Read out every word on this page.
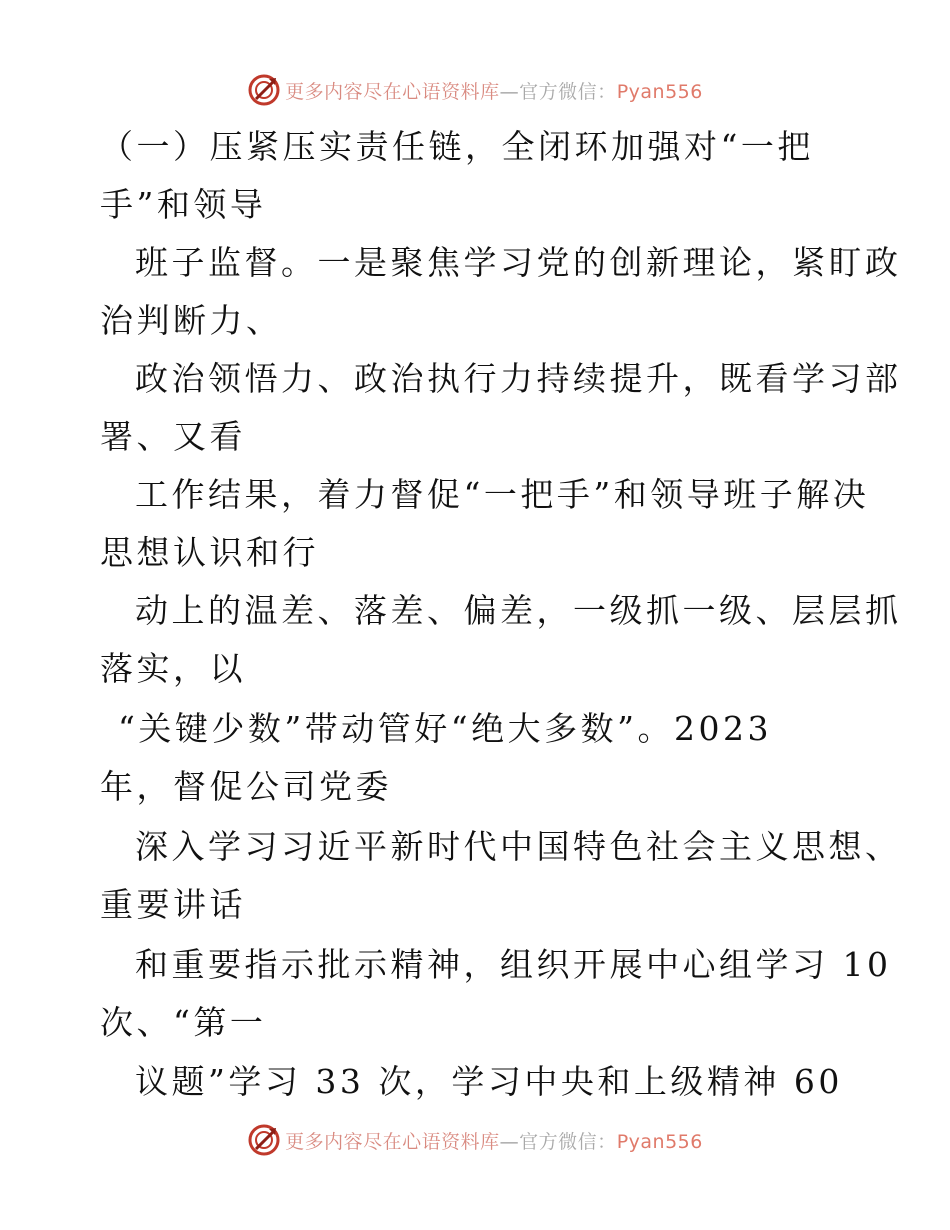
更多内容尽在心语资料库—官方微信：Pyan556
（一）压紧压实责任链，全闭环加强对“一把
手”和领导
班子监督。一是聚焦学习党的创新理论，紧盯政
治判断力、
政治领悟力、政治执行力持续提升，既看学习部
署、又看
工作结果，着力督促“一把手”和领导班子解决
思想认识和行
动上的温差、落差、偏差，一级抓一级、层层抓
落实，以
“关键少数”带动管好“绝大多数”。2023
年，督促公司党委
深入学习习近平新时代中国特色社会主义思想、
重要讲话
和重要指示批示精神，组织开展中心组学习 10
次、“第一
议题”学习 33 次，学习中央和上级精神 60
更多内容尽在心语资料库—官方微信：Pyan556
